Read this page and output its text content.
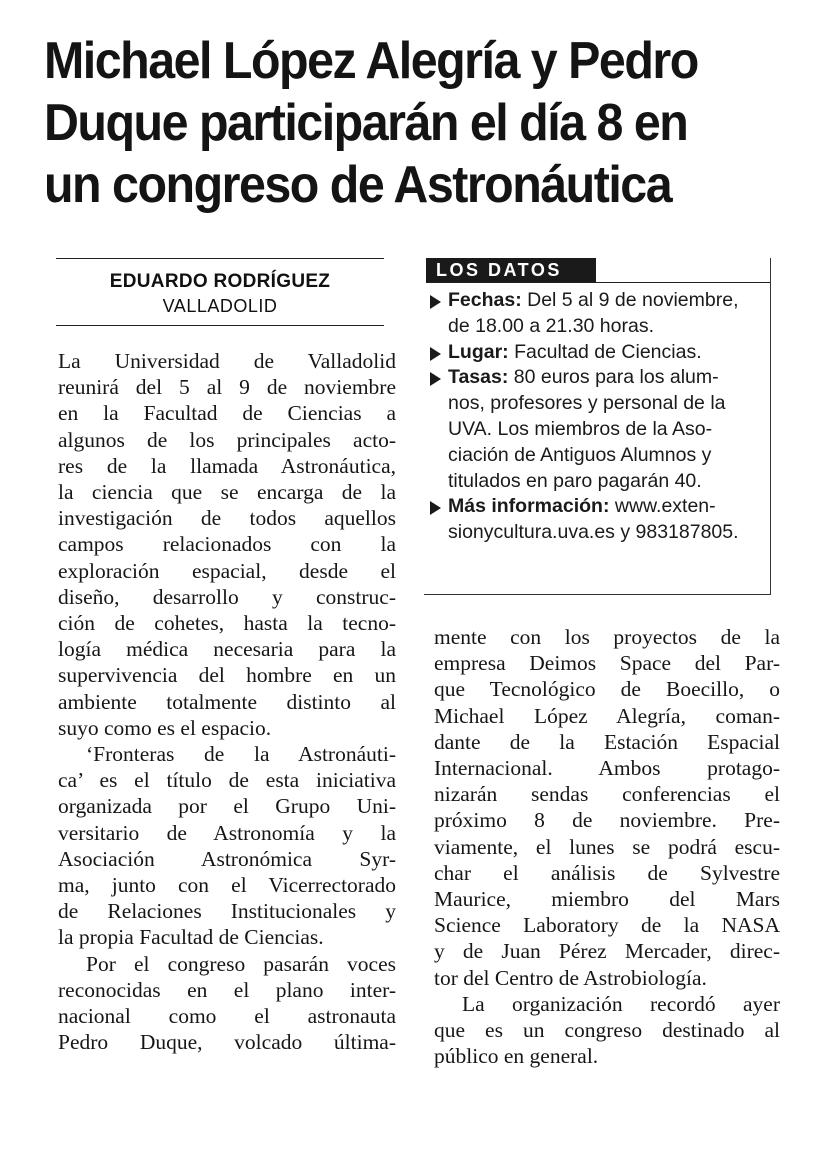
Michael López Alegría y Pedro
Duque participarán el día 8 en
un congreso de Astronáutica
EDUARDO RODRÍGUEZ
VALLADOLID
LOS DATOS
Fechas: Del 5 al 9 de noviembre,
de 18.00 a 21.30 horas.
Lugar: Facultad de Ciencias.
Tasas: 80 euros para los alum-
nos, profesores y personal de la
UVA. Los miembros de la Aso-
ciación de Antiguos Alumnos y
titulados en paro pagarán 40.
Más información: www.exten-
sionycultura.uva.es y 983187805.
La Universidad de Valladolid
reunirá del 5 al 9 de noviembre
en la Facultad de Ciencias a
algunos de los principales acto-
res de la llamada Astronáutica,
la ciencia que se encarga de la
investigación de todos aquellos
campos relacionados con la
exploración espacial, desde el
diseño, desarrollo y construc-
ción de cohetes, hasta la tecno-
logía médica necesaria para la
supervivencia del hombre en un
ambiente totalmente distinto al
suyo como es el espacio.
‘Fronteras de la Astronáuti-
ca’ es el título de esta iniciativa
organizada por el Grupo Uni-
versitario de Astronomía y la
Asociación Astronómica Syr-
ma, junto con el Vicerrectorado
de Relaciones Institucionales y
la propia Facultad de Ciencias.
Por el congreso pasarán voces
reconocidas en el plano inter-
nacional como el astronauta
Pedro Duque, volcado última-
mente con los proyectos de la
empresa Deimos Space del Par-
que Tecnológico de Boecillo, o
Michael López Alegría, coman-
dante de la Estación Espacial
Internacional. Ambos protago-
nizarán sendas conferencias el
próximo 8 de noviembre. Pre-
viamente, el lunes se podrá escu-
char el análisis de Sylvestre
Maurice, miembro del Mars
Science Laboratory de la NASA
y de Juan Pérez Mercader, direc-
tor del Centro de Astrobiología.
La organización recordó ayer
que es un congreso destinado al
público en general.
